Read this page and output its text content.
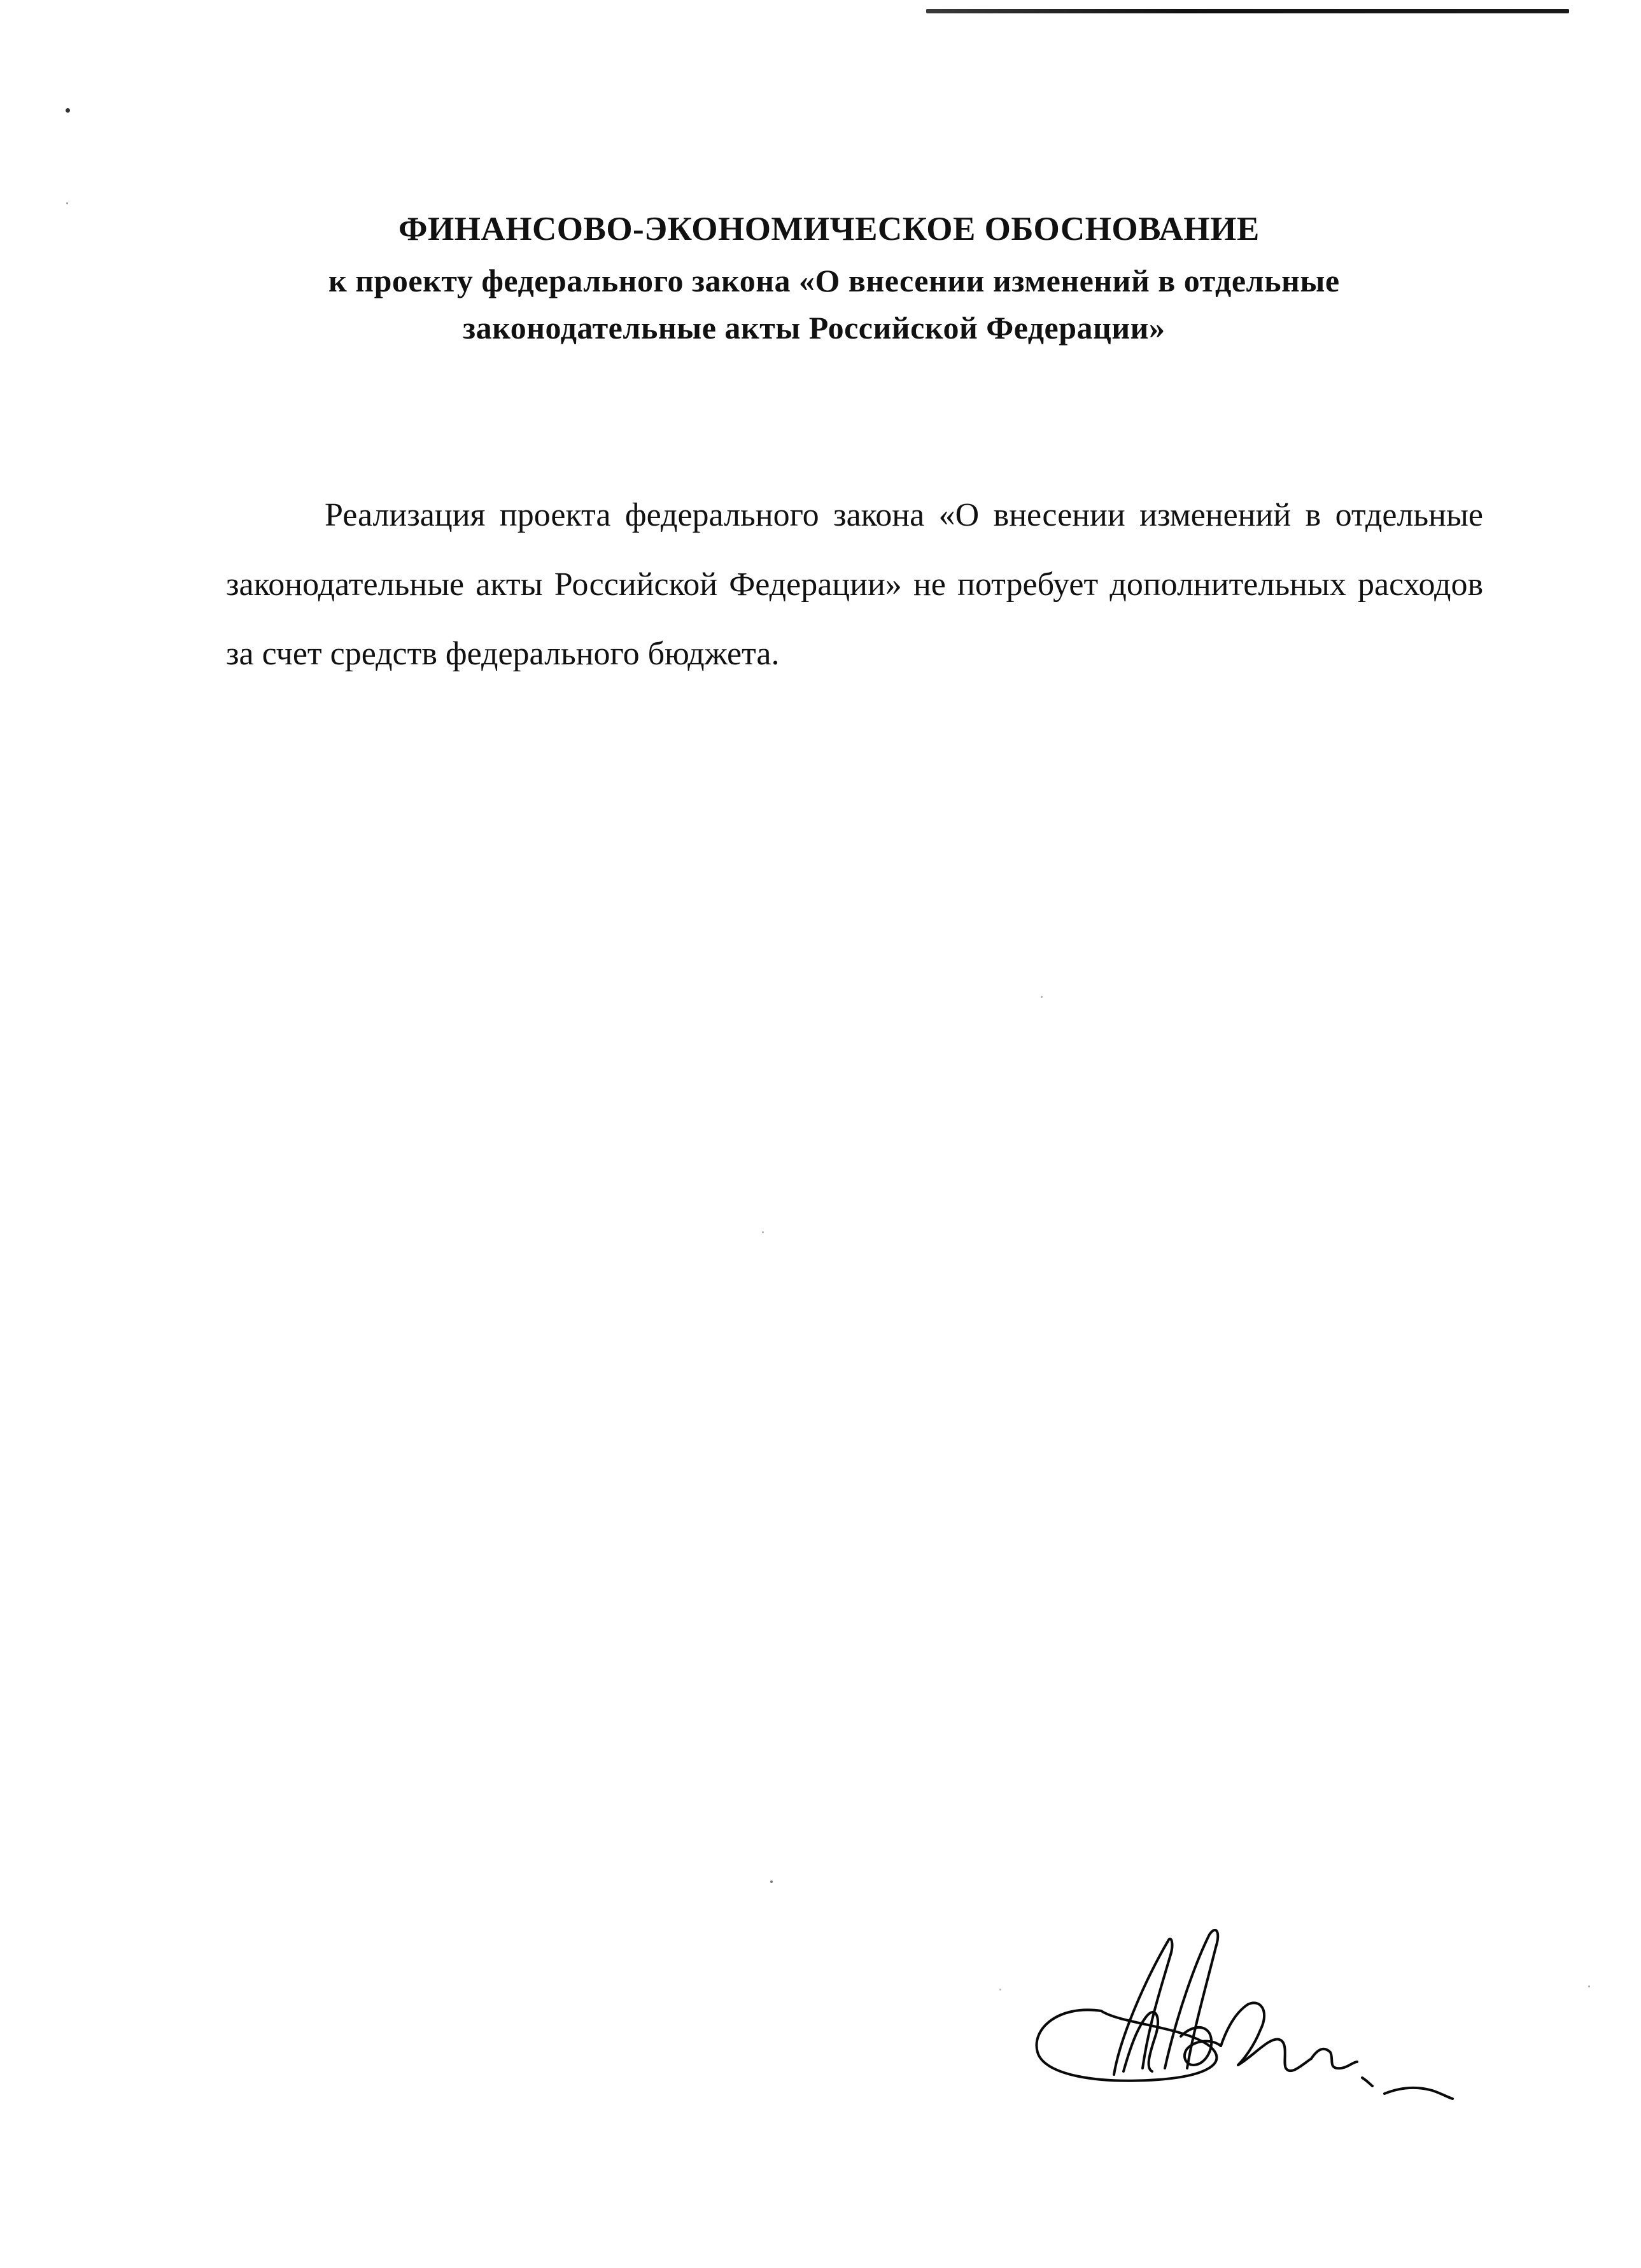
ФИНАНСОВО-ЭКОНОМИЧЕСКОЕ ОБОСНОВАНИЕ
к проекту федерального закона «О внесении изменений в отдельные
законодательные акты Российской Федерации»

Реализация проекта федерального закона «О внесении изменений в отдельные законодательные акты Российской Федерации» не потребует дополнительных расходов за счет средств федерального бюджета.
